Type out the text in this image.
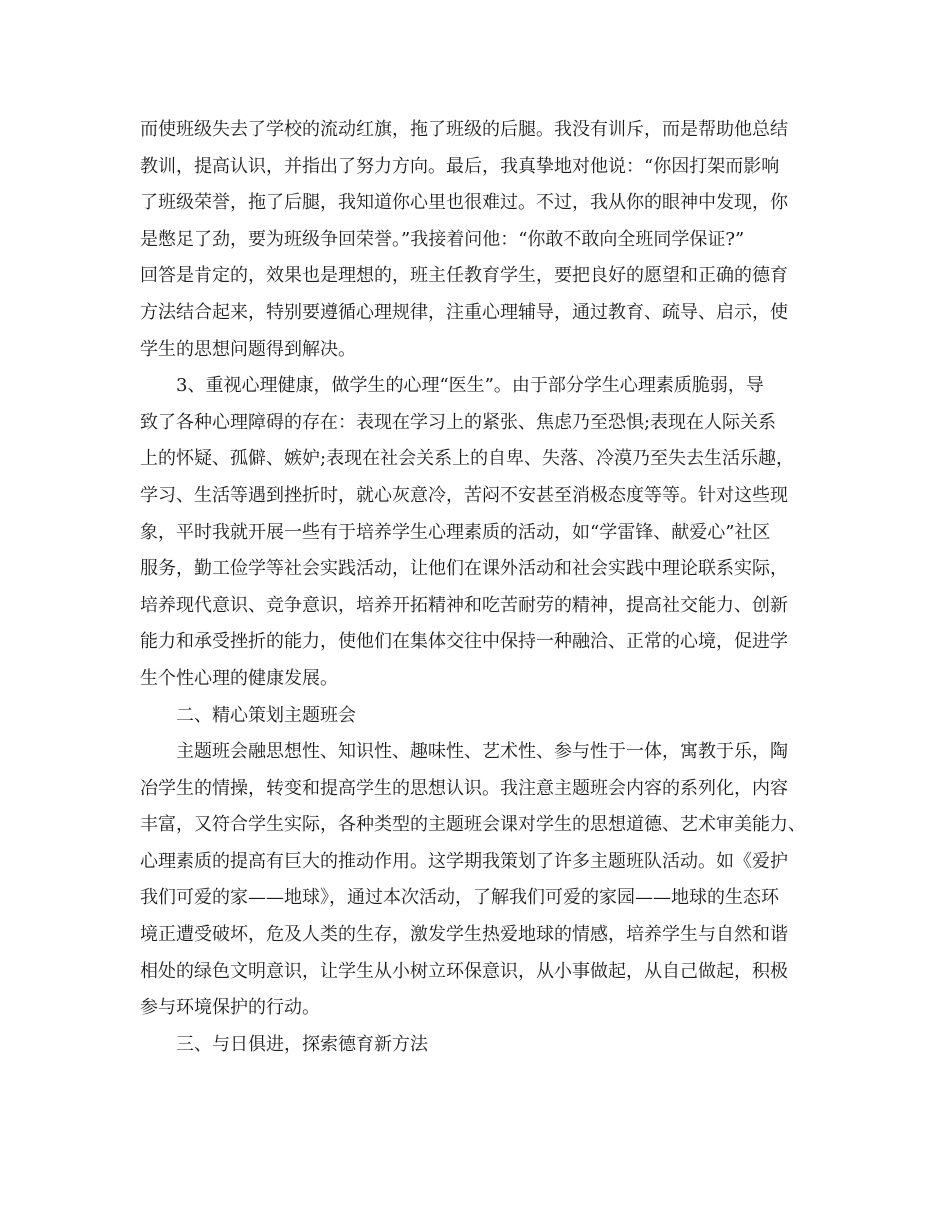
而使班级失去了学校的流动红旗，拖了班级的后腿。我没有训斥，而是帮助他总结
教训，提高认识，并指出了努力方向。最后，我真挚地对他说：“你因打架而影响
了班级荣誉，拖了后腿，我知道你心里也很难过。不过，我从你的眼神中发现，你
是憋足了劲，要为班级争回荣誉。”我接着问他：“你敢不敢向全班同学保证?”
回答是肯定的，效果也是理想的，班主任教育学生，要把良好的愿望和正确的德育
方法结合起来，特别要遵循心理规律，注重心理辅导，通过教育、疏导、启示，使
学生的思想问题得到解决。
3、重视心理健康，做学生的心理“医生”。由于部分学生心理素质脆弱，导
致了各种心理障碍的存在：表现在学习上的紧张、焦虑乃至恐惧;表现在人际关系
上的怀疑、孤僻、嫉妒;表现在社会关系上的自卑、失落、冷漠乃至失去生活乐趣，
学习、生活等遇到挫折时，就心灰意冷，苦闷不安甚至消极态度等等。针对这些现
象，平时我就开展一些有于培养学生心理素质的活动，如“学雷锋、献爱心”社区
服务，勤工俭学等社会实践活动，让他们在课外活动和社会实践中理论联系实际，
培养现代意识、竞争意识，培养开拓精神和吃苦耐劳的精神，提高社交能力、创新
能力和承受挫折的能力，使他们在集体交往中保持一种融洽、正常的心境，促进学
生个性心理的健康发展。
二、精心策划主题班会
主题班会融思想性、知识性、趣味性、艺术性、参与性于一体，寓教于乐，陶
冶学生的情操，转变和提高学生的思想认识。我注意主题班会内容的系列化，内容
丰富，又符合学生实际，各种类型的主题班会课对学生的思想道德、艺术审美能力、
心理素质的提高有巨大的推动作用。这学期我策划了许多主题班队活动。如《爱护
我们可爱的家——地球》，通过本次活动，了解我们可爱的家园——地球的生态环
境正遭受破坏，危及人类的生存，激发学生热爱地球的情感，培养学生与自然和谐
相处的绿色文明意识，让学生从小树立环保意识，从小事做起，从自己做起，积极
参与环境保护的行动。
三、与日俱进，探索德育新方法
